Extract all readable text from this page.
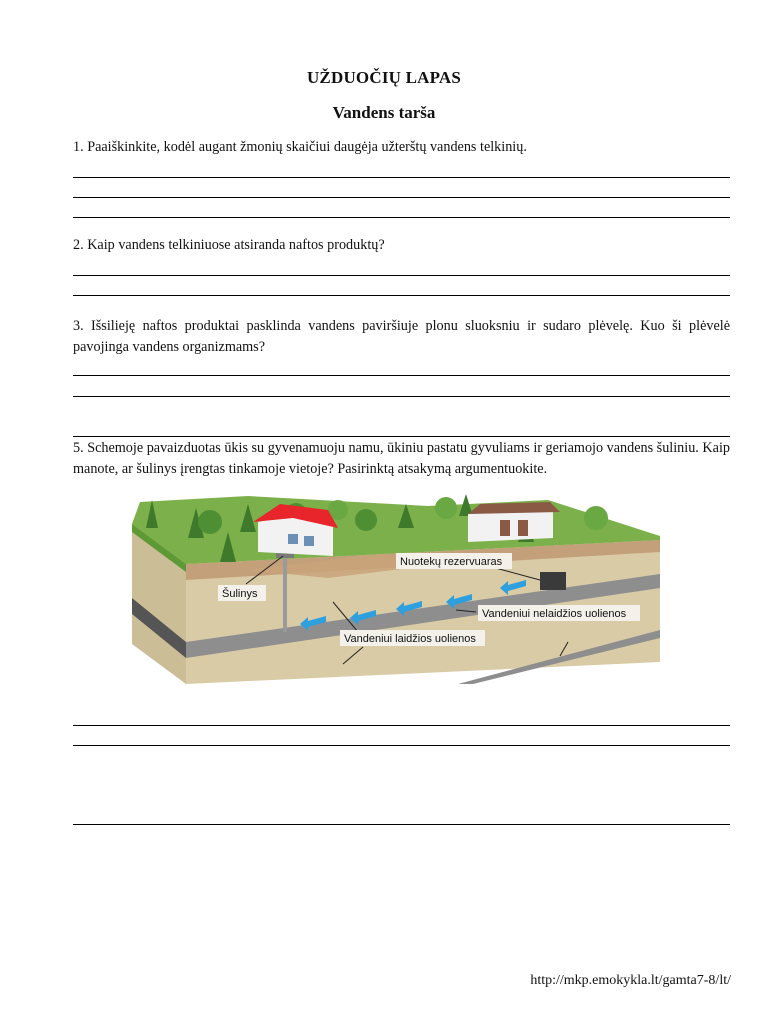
UŽDUOČIŲ LAPAS
Vandens tarša
1. Paaiškinkite, kodėl augant žmonių skaičiui daugėja užterštų vandens telkinių.
2. Kaip vandens telkiniuose atsiranda naftos produktų?
3. Išsilieję naftos produktai pasklinda vandens paviršiuje plonu sluoksniu ir sudaro plėvelę. Kuo ši plėvelė pavojinga vandens organizmams?
5. Schemoje pavaizduotas ūkis su gyvenamuoju namu, ūkiniu pastatu gyvuliams ir geriamojo vandens šuliniu. Kaip manote, ar šulinys įrengtas tinkamoje vietoje? Pasirinktą atsakymą argumentuokite.
Šulinys
Nuotekų rezervuaras
Vandeniui nelaidžios uolienos
Vandeniui laidžios uolienos
http://mkp.emokykla.lt/gamta7-8/lt/
